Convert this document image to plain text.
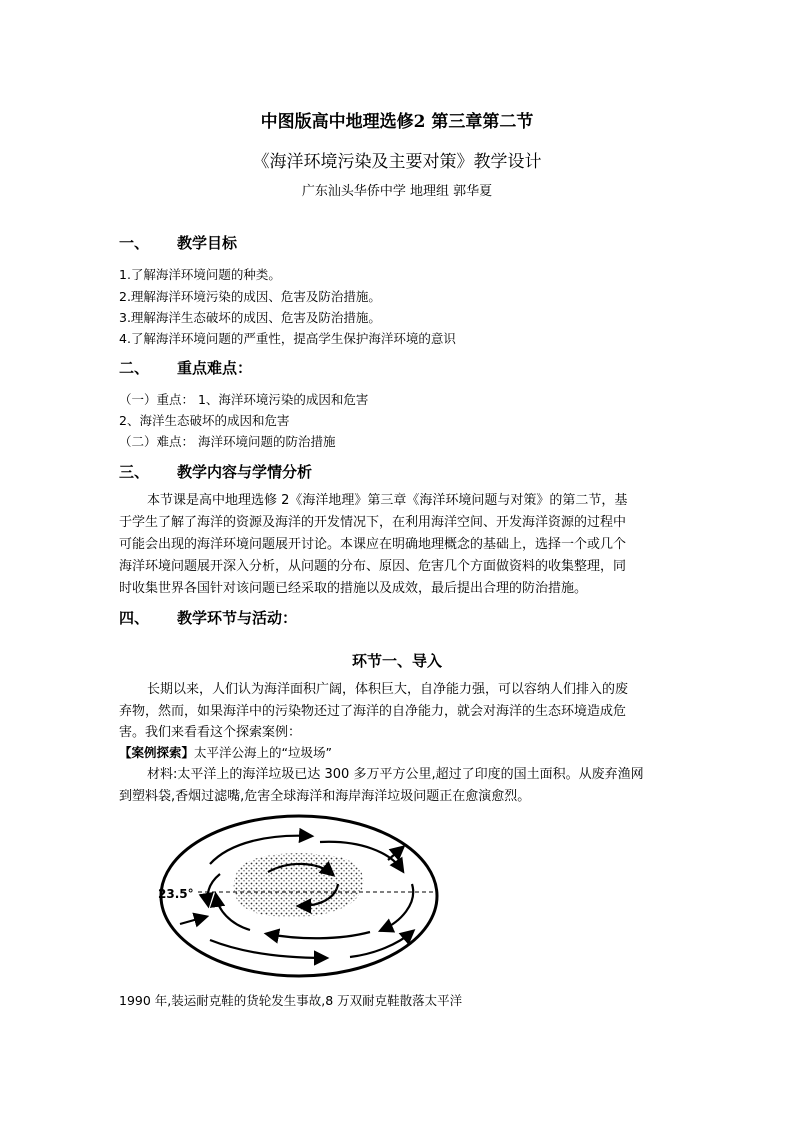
中图版高中地理选修2 第三章第二节
《海洋环境污染及主要对策》教学设计
广东汕头华侨中学 地理组 郭华夏
一、 教学目标
1.了解海洋环境问题的种类。
2.理解海洋环境污染的成因、危害及防治措施。
3.理解海洋生态破坏的成因、危害及防治措施。
4.了解海洋环境问题的严重性，提高学生保护海洋环境的意识
二、 重点难点：
（一）重点： 1、海洋环境污染的成因和危害
2、海洋生态破坏的成因和危害
（二）难点： 海洋环境问题的防治措施
三、 教学内容与学情分析
本节课是高中地理选修 2《海洋地理》第三章《海洋环境问题与对策》的第二节，基
于学生了解了海洋的资源及海洋的开发情况下，在利用海洋空间、开发海洋资源的过程中
可能会出现的海洋环境问题展开讨论。本课应在明确地理概念的基础上，选择一个或几个
海洋环境问题展开深入分析，从问题的分布、原因、危害几个方面做资料的收集整理，同
时收集世界各国针对该问题已经采取的措施以及成效，最后提出合理的防治措施。
四、 教学环节与活动：
环节一、导入
长期以来，人们认为海洋面积广阔，体积巨大，自净能力强，可以容纳人们排入的废
弃物，然而，如果海洋中的污染物还过了海洋的自净能力，就会对海洋的生态环境造成危
害。我们来看看这个探索案例：
【案例探索】太平洋公海上的“垃圾场”
材料:太平洋上的海洋垃圾已达 300 多万平方公里,超过了印度的国土面积。从废弃渔网
到塑料袋,香烟过滤嘴,危害全球海洋和海岸海洋垃圾问题正在愈演愈烈。
23.5°
1990 年,装运耐克鞋的货轮发生事故,8 万双耐克鞋散落太平洋
